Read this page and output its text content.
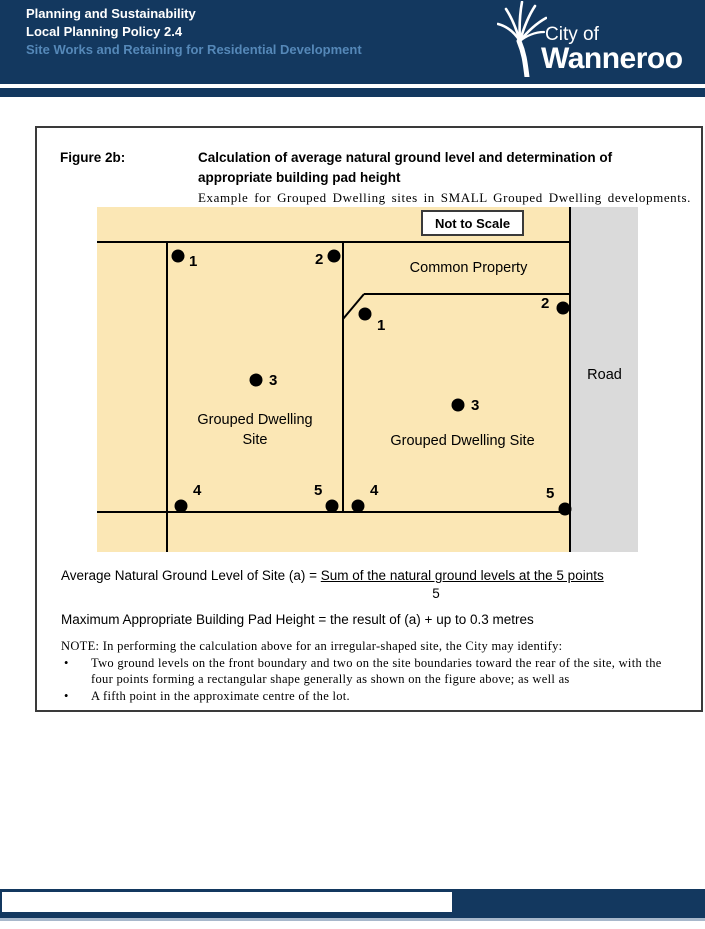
Planning and Sustainability
Local Planning Policy 2.4
Site Works and Retaining for Residential Development
City of
Wanneroo
Figure 2b:	Calculation of average natural ground level and determination of
appropriate building pad height
Example for Grouped Dwelling sites in SMALL Grouped Dwelling developments.
Not to Scale
Common Property
Road
Grouped Dwelling
Site	Grouped Dwelling Site
1	2
3
4	5
1
2
3
4	5
Average Natural Ground Level of Site (a) = Sum of the natural ground levels at the 5 points
5
Maximum Appropriate Building Pad Height = the result of (a) + up to 0.3 metres
NOTE: In performing the calculation above for an irregular-shaped site, the City may identify:
•	Two ground levels on the front boundary and two on the site boundaries toward the rear of the site, with the four points forming a rectangular shape generally as shown on the figure above; as well as
•	A fifth point in the approximate centre of the lot.
